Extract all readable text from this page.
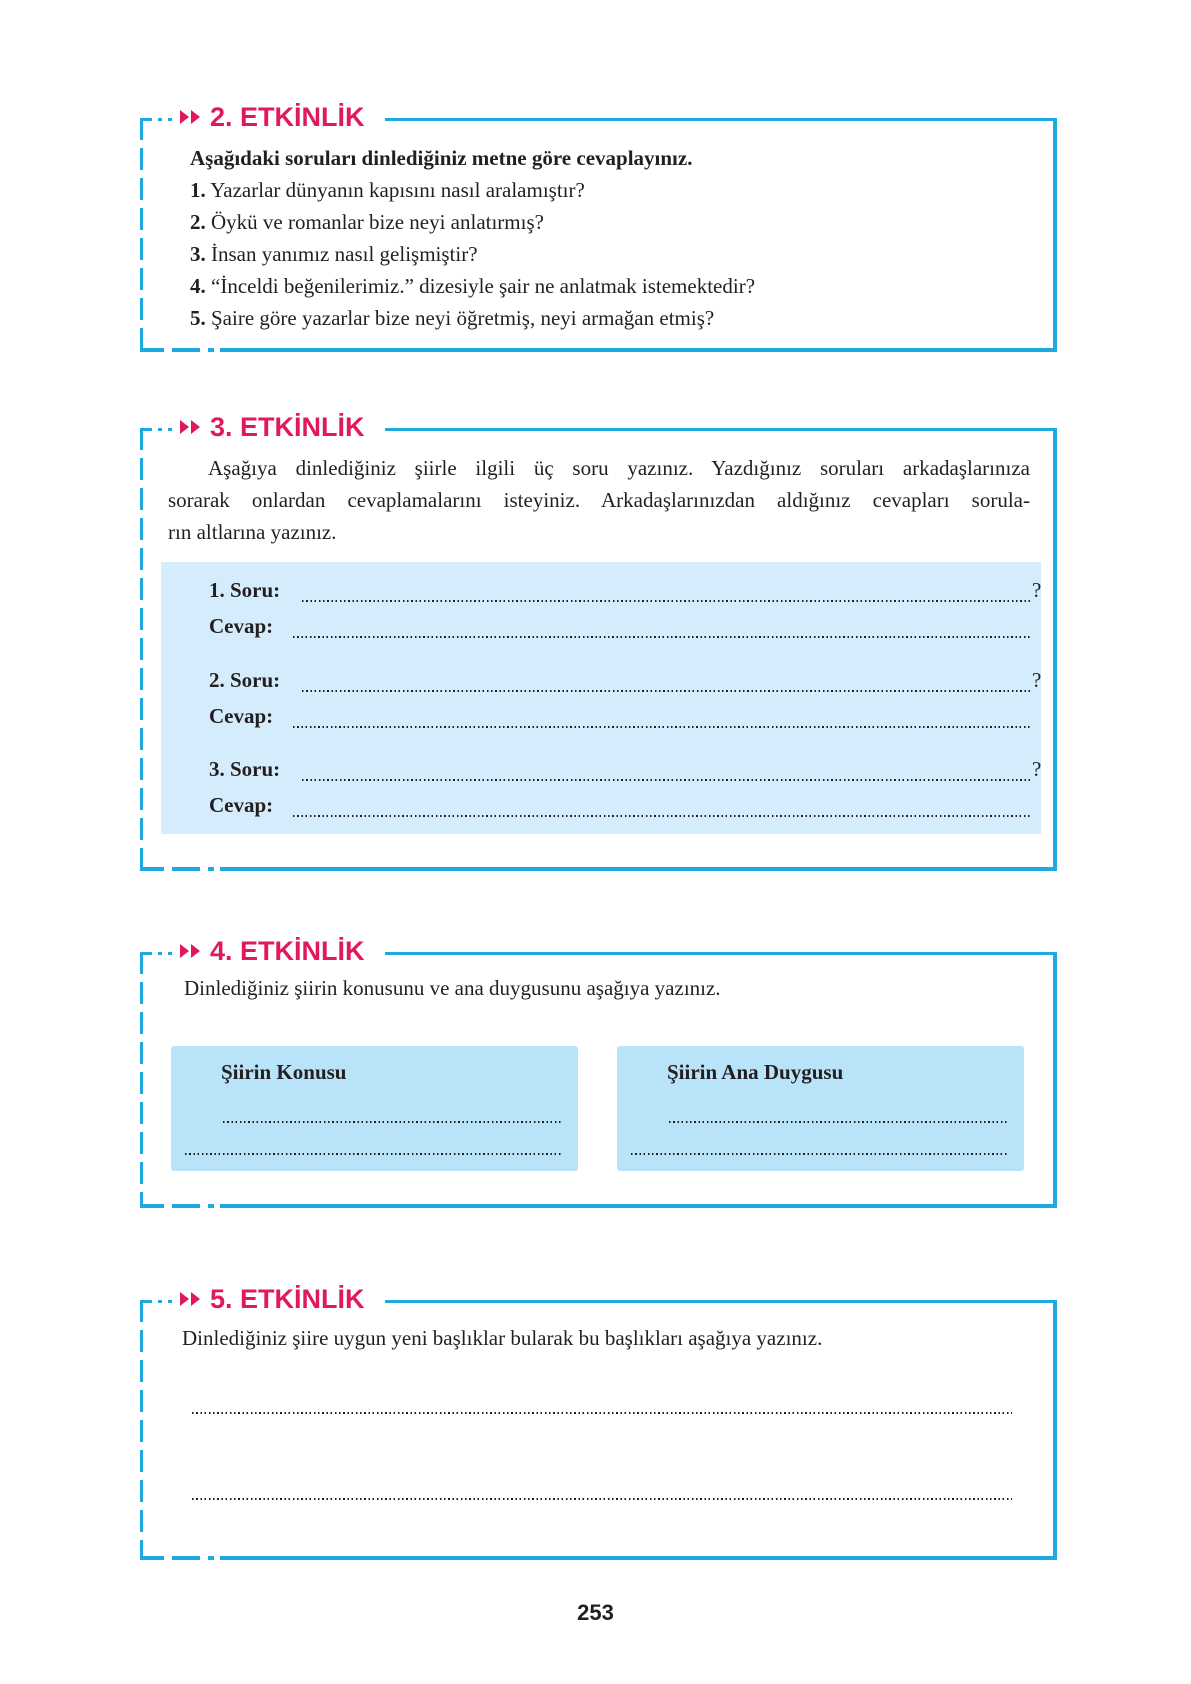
2. ETKİNLİK
Aşağıdaki soruları dinlediğiniz metne göre cevaplayınız.
1. Yazarlar dünyanın kapısını nasıl aralamıştır?
2. Öykü ve romanlar bize neyi anlatırmış?
3. İnsan yanımız nasıl gelişmiştir?
4. “İnceldi beğenilerimiz.” dizesiyle şair ne anlatmak istemektedir?
5. Şaire göre yazarlar bize neyi öğretmiş, neyi armağan etmiş?
3. ETKİNLİK
Aşağıya dinlediğiniz şiirle ilgili üç soru yazınız. Yazdığınız soruları arkadaşlarınıza
sorarak onlardan cevaplamalarını isteyiniz. Arkadaşlarınızdan aldığınız cevapları sorula-
rın altlarına yazınız.
1. Soru:	?
Cevap:
2. Soru:	?
Cevap:
3. Soru:	?
Cevap:
4. ETKİNLİK
Dinlediğiniz şiirin konusunu ve ana duygusunu aşağıya yazınız.
Şiirin Konusu	Şiirin Ana Duygusu
5. ETKİNLİK
Dinlediğiniz şiire uygun yeni başlıklar bularak bu başlıkları aşağıya yazınız.
253
